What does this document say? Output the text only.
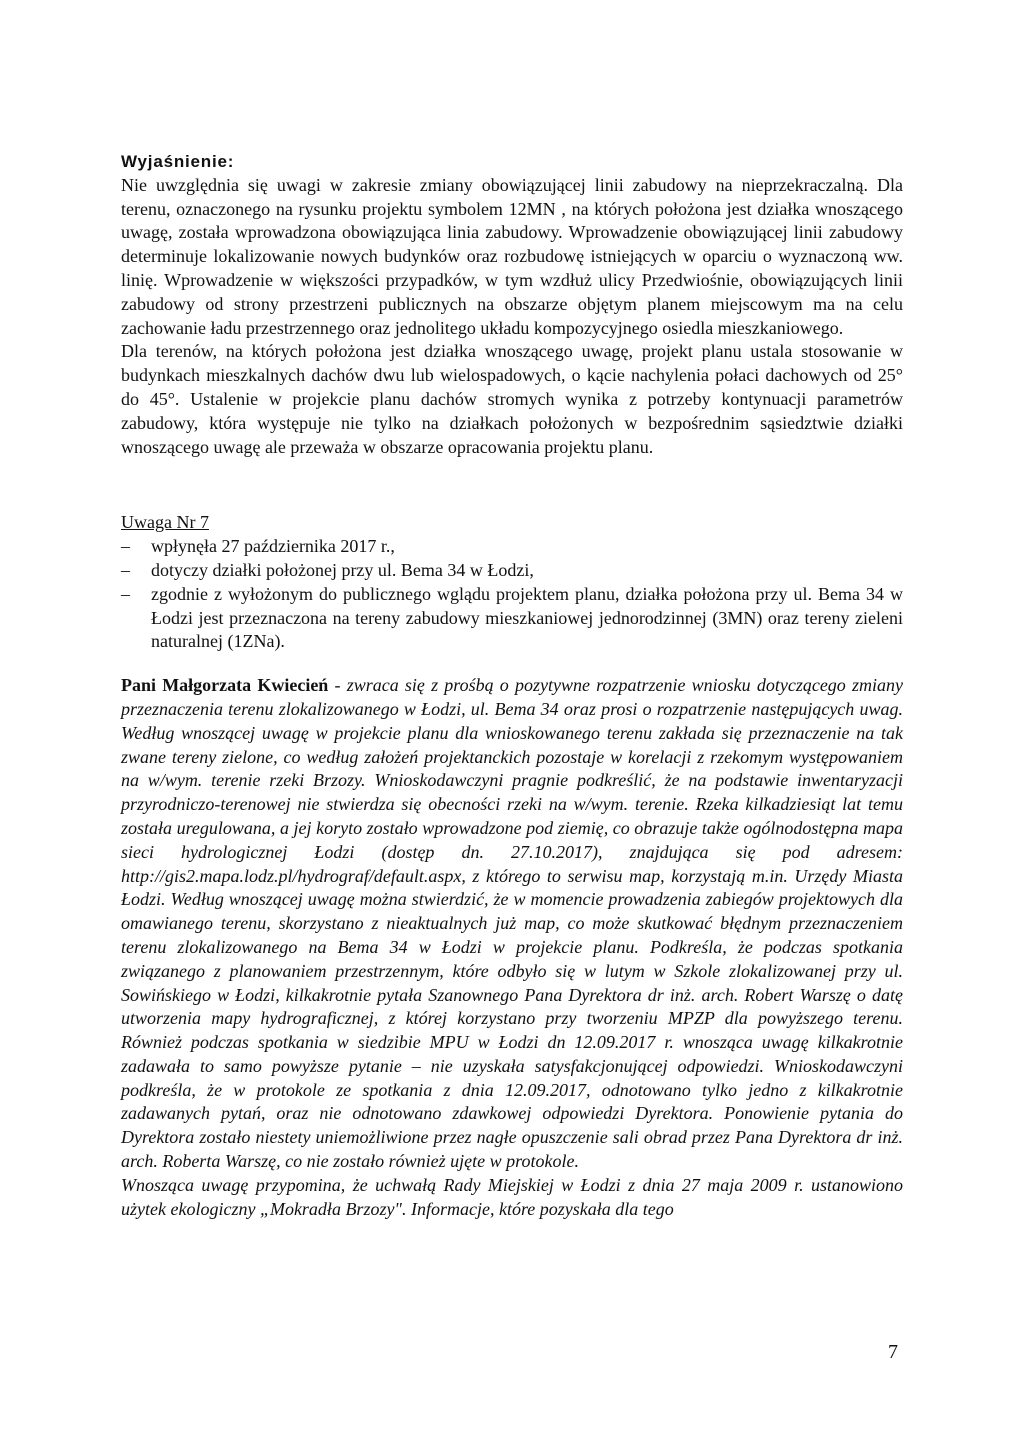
Wyjaśnienie:

Nie uwzględnia się uwagi w zakresie zmiany obowiązującej linii zabudowy na nieprzekraczalną. Dla terenu, oznaczonego na rysunku projektu symbolem 12MN , na których położona jest działka wnoszącego uwagę, została wprowadzona obowiązująca linia zabudowy. Wprowadzenie obowiązującej linii zabudowy determinuje lokalizowanie nowych budynków oraz rozbudowę istniejących w oparciu o wyznaczoną ww. linię. Wprowadzenie w większości przypadków, w tym wzdłuż ulicy Przedwiośnie, obowiązujących linii zabudowy od strony przestrzeni publicznych na obszarze objętym planem miejscowym ma na celu zachowanie ładu przestrzennego oraz jednolitego układu kompozycyjnego osiedla mieszkaniowego.

Dla terenów, na których położona jest działka wnoszącego uwagę, projekt planu ustala stosowanie w budynkach mieszkalnych dachów dwu lub wielospadowych, o kącie nachylenia połaci dachowych od 25° do 45°. Ustalenie w projekcie planu dachów stromych wynika z potrzeby kontynuacji parametrów zabudowy, która występuje nie tylko na działkach położonych w bezpośrednim sąsiedztwie działki wnoszącego uwagę ale przeważa w obszarze opracowania projektu planu.

Uwaga Nr 7
– wpłynęła 27 października 2017 r.,
– dotyczy działki położonej przy ul. Bema 34 w Łodzi,
– zgodnie z wyłożonym do publicznego wglądu projektem planu, działka położona przy ul. Bema 34 w Łodzi jest przeznaczona na tereny zabudowy mieszkaniowej jednorodzinnej (3MN) oraz tereny zieleni naturalnej (1ZNa).

Pani Małgorzata Kwiecień - zwraca się z prośbą o pozytywne rozpatrzenie wniosku dotyczącego zmiany przeznaczenia terenu zlokalizowanego w Łodzi, ul. Bema 34 oraz prosi o rozpatrzenie następujących uwag. Według wnoszącej uwagę w projekcie planu dla wnioskowanego terenu zakłada się przeznaczenie na tak zwane tereny zielone, co według założeń projektanckich pozostaje w korelacji z rzekomym występowaniem na w/wym. terenie rzeki Brzozy. Wnioskodawczyni pragnie podkreślić, że na podstawie inwentaryzacji przyrodniczo-terenowej nie stwierdza się obecności rzeki na w/wym. terenie. Rzeka kilkadziesiąt lat temu została uregulowana, a jej koryto zostało wprowadzone pod ziemię, co obrazuje także ogólnodostępna mapa sieci hydrologicznej Łodzi (dostęp dn. 27.10.2017), znajdująca się pod adresem: http://gis2.mapa.lodz.pl/hydrograf/default.aspx, z którego to serwisu map, korzystają m.in. Urzędy Miasta Łodzi. Według wnoszącej uwagę można stwierdzić, że w momencie prowadzenia zabiegów projektowych dla omawianego terenu, skorzystano z nieaktualnych już map, co może skutkować błędnym przeznaczeniem terenu zlokalizowanego na Bema 34 w Łodzi w projekcie planu. Podkreśla, że podczas spotkania związanego z planowaniem przestrzennym, które odbyło się w lutym w Szkole zlokalizowanej przy ul. Sowińskiego w Łodzi, kilkakrotnie pytała Szanownego Pana Dyrektora dr inż. arch. Robert Warszę o datę utworzenia mapy hydrograficznej, z której korzystano przy tworzeniu MPZP dla powyższego terenu. Również podczas spotkania w siedzibie MPU w Łodzi dn 12.09.2017 r. wnosząca uwagę kilkakrotnie zadawała to samo powyższe pytanie – nie uzyskała satysfakcjonującej odpowiedzi. Wnioskodawczyni podkreśla, że w protokole ze spotkania z dnia 12.09.2017, odnotowano tylko jedno z kilkakrotnie zadawanych pytań, oraz nie odnotowano zdawkowej odpowiedzi Dyrektora. Ponowienie pytania do Dyrektora zostało niestety uniemożliwione przez nagłe opuszczenie sali obrad przez Pana Dyrektora dr inż. arch. Roberta Warszę, co nie zostało również ujęte w protokole.

Wnosząca uwagę przypomina, że uchwałą Rady Miejskiej w Łodzi z dnia 27 maja 2009 r. ustanowiono użytek ekologiczny „Mokradła Brzozy". Informacje, które pozyskała dla tego

7
